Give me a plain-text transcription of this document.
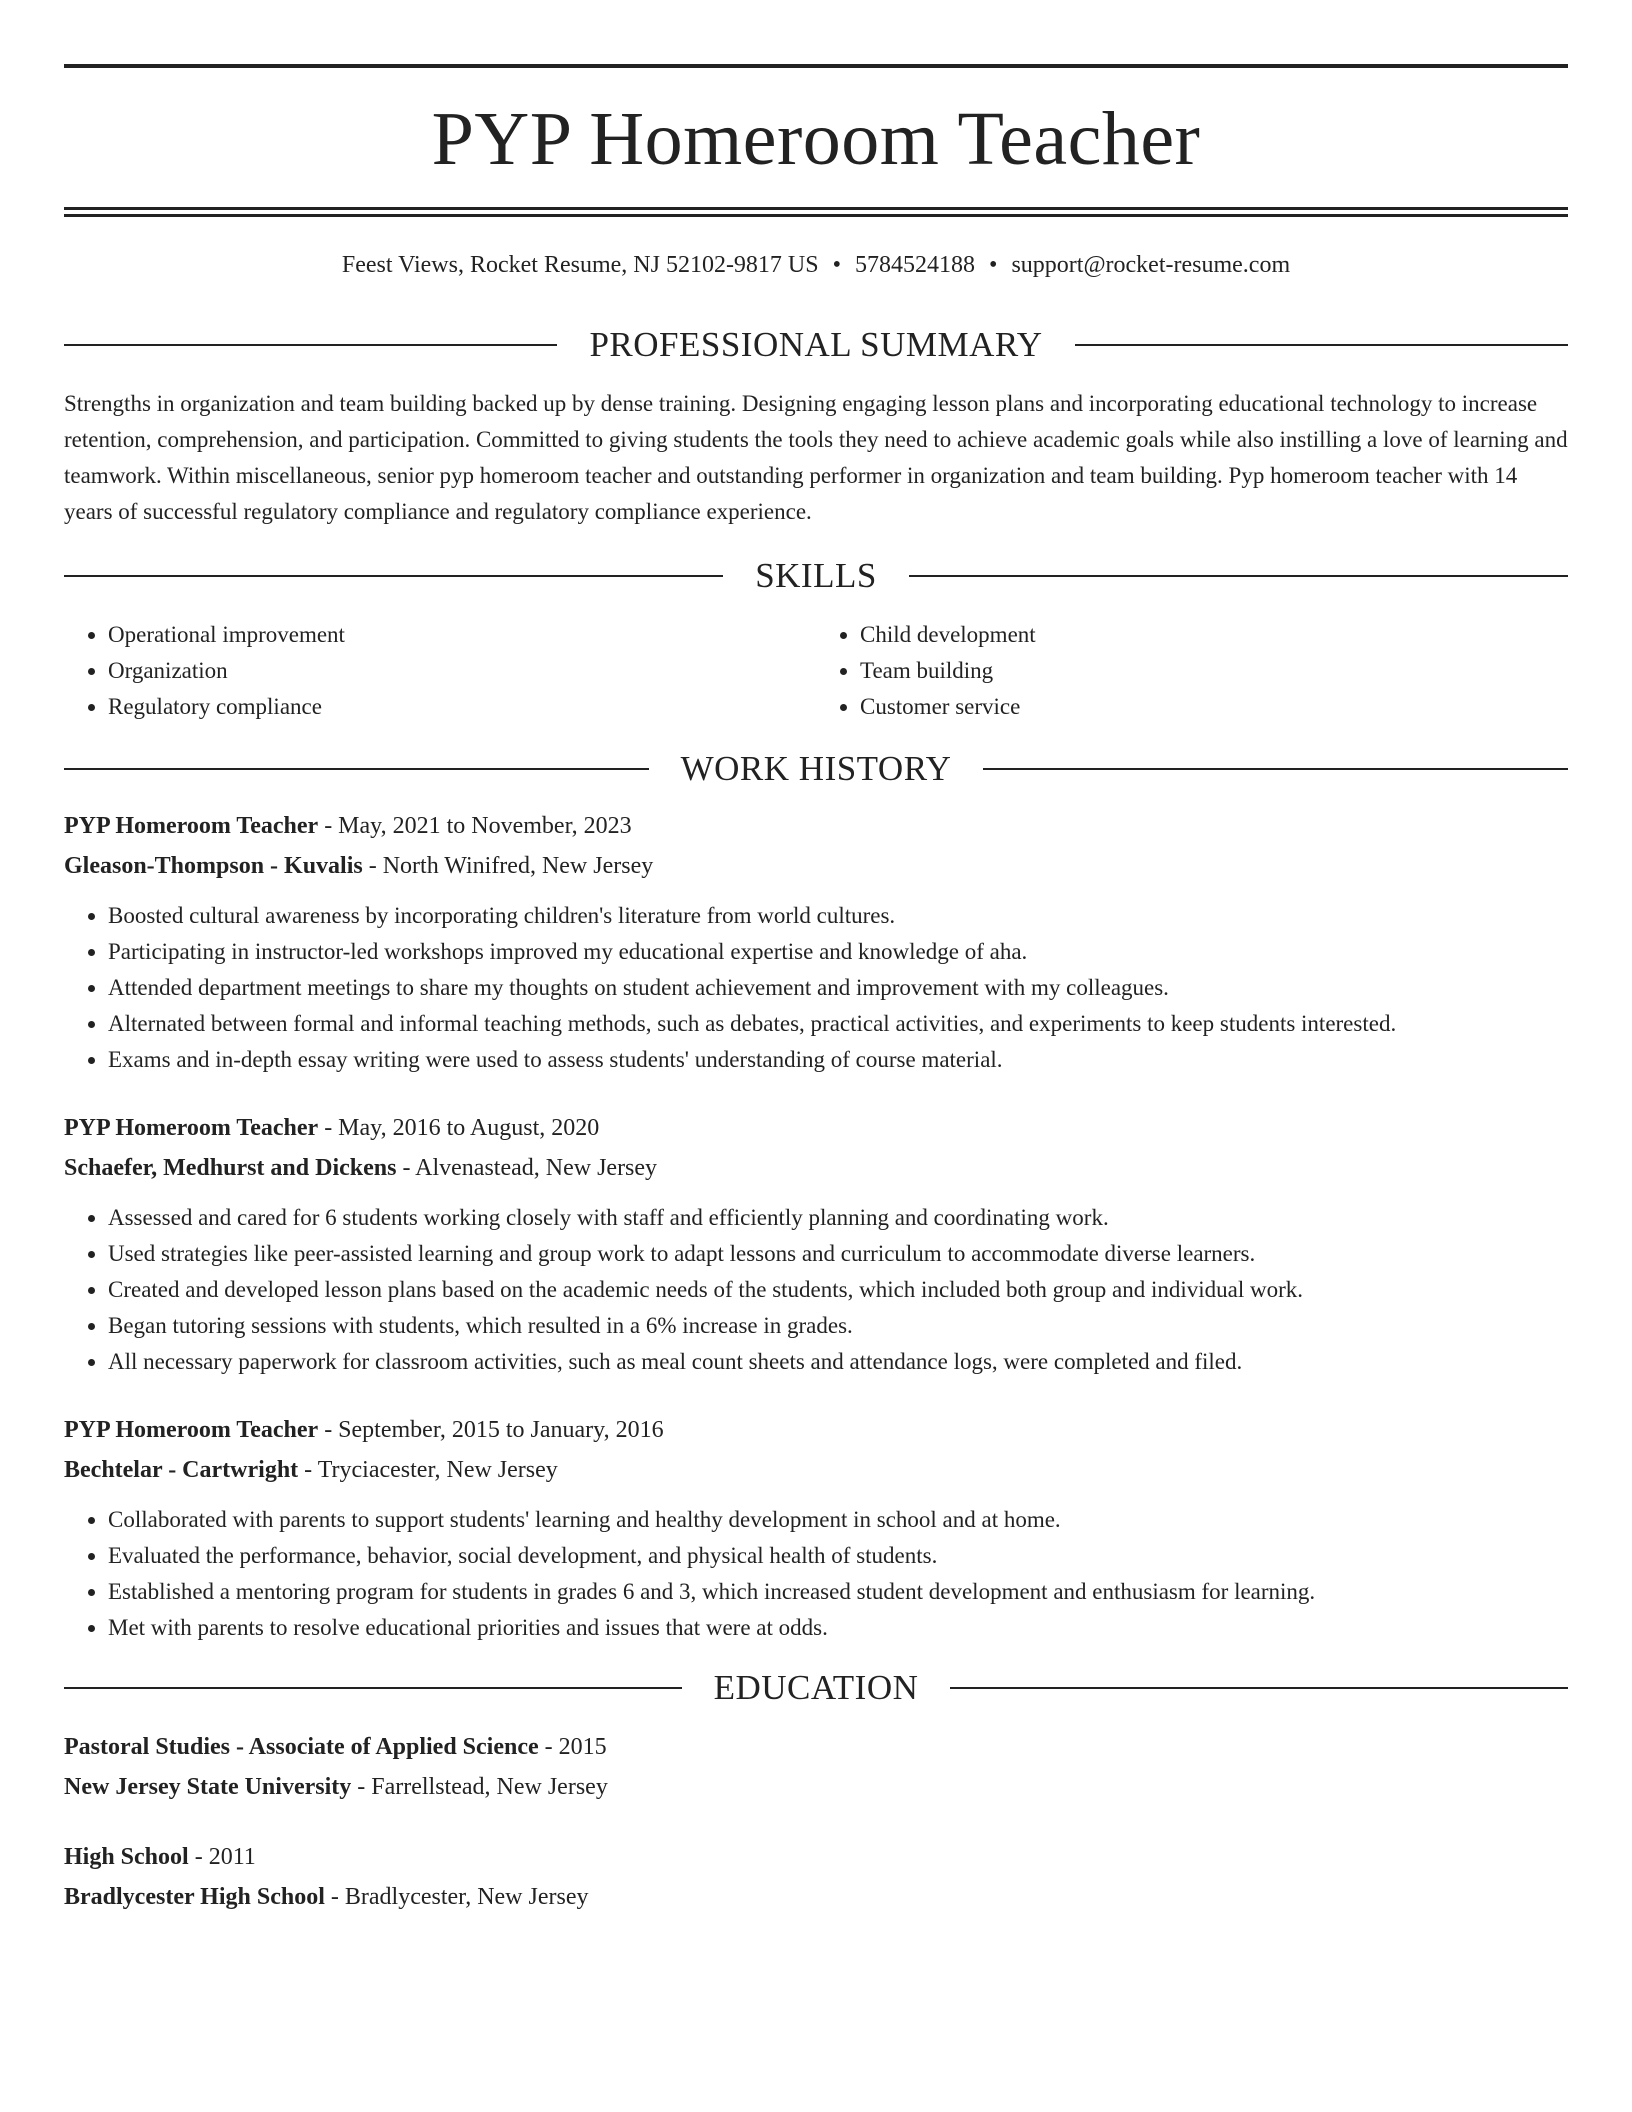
PYP Homeroom Teacher
Feest Views, Rocket Resume, NJ 52102-9817 US • 5784524188 • support@rocket-resume.com
PROFESSIONAL SUMMARY

Strengths in organization and team building backed up by dense training. Designing engaging lesson plans and incorporating educational technology to increase retention, comprehension, and participation. Committed to giving students the tools they need to achieve academic goals while also instilling a love of learning and teamwork. Within miscellaneous, senior pyp homeroom teacher and outstanding performer in organization and team building. Pyp homeroom teacher with 14 years of successful regulatory compliance and regulatory compliance experience.

SKILLS
• Operational improvement
• Organization
• Regulatory compliance
• Child development
• Team building
• Customer service
WORK HISTORY
PYP Homeroom Teacher - May, 2021 to November, 2023
Gleason-Thompson - Kuvalis - North Winifred, New Jersey
• Boosted cultural awareness by incorporating children's literature from world cultures.
• Participating in instructor-led workshops improved my educational expertise and knowledge of aha.
• Attended department meetings to share my thoughts on student achievement and improvement with my colleagues.
• Alternated between formal and informal teaching methods, such as debates, practical activities, and experiments to keep students interested.
• Exams and in-depth essay writing were used to assess students' understanding of course material.
PYP Homeroom Teacher - May, 2016 to August, 2020
Schaefer, Medhurst and Dickens - Alvenastead, New Jersey
• Assessed and cared for 6 students working closely with staff and efficiently planning and coordinating work.
• Used strategies like peer-assisted learning and group work to adapt lessons and curriculum to accommodate diverse learners.
• Created and developed lesson plans based on the academic needs of the students, which included both group and individual work.
• Began tutoring sessions with students, which resulted in a 6% increase in grades.
• All necessary paperwork for classroom activities, such as meal count sheets and attendance logs, were completed and filed.
PYP Homeroom Teacher - September, 2015 to January, 2016
Bechtelar - Cartwright - Tryciacester, New Jersey
• Collaborated with parents to support students' learning and healthy development in school and at home.
• Evaluated the performance, behavior, social development, and physical health of students.
• Established a mentoring program for students in grades 6 and 3, which increased student development and enthusiasm for learning.
• Met with parents to resolve educational priorities and issues that were at odds.
EDUCATION
Pastoral Studies - Associate of Applied Science - 2015
New Jersey State University - Farrellstead, New Jersey
High School - 2011
Bradlycester High School - Bradlycester, New Jersey
